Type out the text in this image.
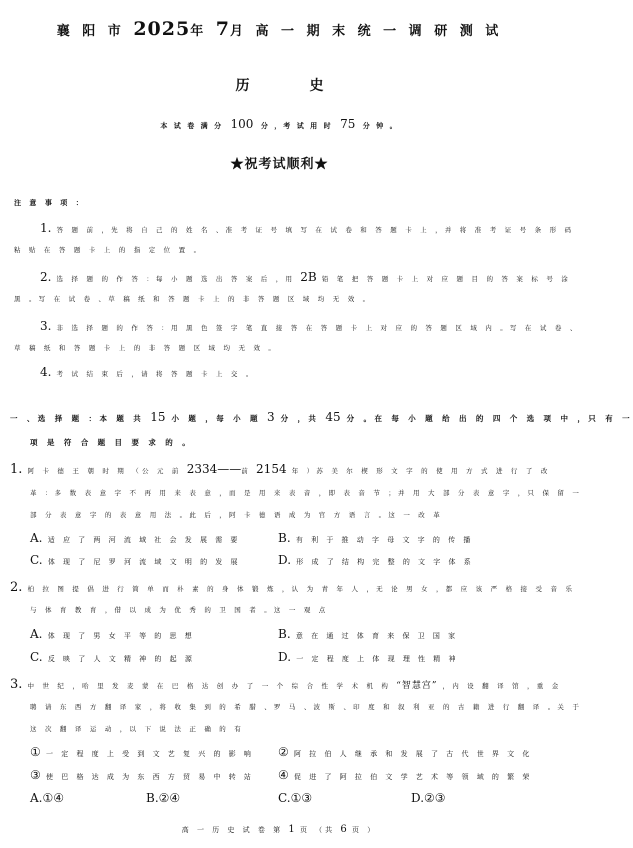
襄 阳 市 2025年 7月 高 一 期 末 统 一 调 研 测 试
历史
本 试 卷 满 分 100 分 ，考 试 用 时 75 分 钟 。
★祝考试顺利★
注 意 事 项 ：
1. 答 题 前 ，先 将 自 己 的 姓 名 、准 考 证 号 填 写 在 试 卷 和 答 题 卡 上 ，并 将 准 考 证 号 条 形 码
粘 贴 在 答 题 卡 上 的 指 定 位 置 。
2. 选 择 题 的 作 答 ：每 小 题 选 出 答 案 后 ，用 2B 铅 笔 把 答 题 卡 上 对 应 题 目 的 答 案 标 号 涂
黑 。写 在 试 卷 、草 稿 纸 和 答 题 卡 上 的 非 答 题 区 域 均 无 效 。
3. 非 选 择 题 的 作 答 ：用 黑 色 签 字 笔 直 接 答 在 答 题 卡 上 对 应 的 答 题 区 域 内 。写 在 试 卷 、
草 稿 纸 和 答 题 卡 上 的 非 答 题 区 域 均 无 效 。
4. 考 试 结 束 后 ，请 将 答 题 卡 上 交 。
一 、选 择 题 ：本 题 共 15 小 题 ，每 小 题 3 分 ，共 45 分 。在 每 小 题 给 出 的 四 个 选 项 中 ，只 有 一
项 是 符 合 题 目 要 求 的 。
1. 阿 卡 德 王 朝 时 期 （公 元 前 2334——前 2154 年 ）苏 美 尔 楔 形 文 字 的 使 用 方 式 进 行 了 改
革 ：多 数 表 意 字 不 再 用 来 表 意 ，而 是 用 来 表 音 ，即 表 音 节 ；并 用 大 部 分 表 意 字 ，只 保 留 一
部 分 表 意 字 的 表 意 用 法 。此 后 ，阿 卡 德 语 成 为 官 方 语 言 。这 一 改 革
A. 适 应 了 两 河 流 域 社 会 发 展 需 要	B. 有 利 于 推 动 字 母 文 字 的 传 播
C. 体 现 了 尼 罗 河 流 域 文 明 的 发 展	D. 形 成 了 结 构 完 整 的 文 字 体 系
2. 柏 拉 图 提 倡 进 行 简 单 而 朴 素 的 身 体 锻 炼 ，认 为 青 年 人 ，无 论 男 女 ，都 应 该 严 格 接 受 音 乐
与 体 育 教 育 ，借 以 成 为 优 秀 的 卫 国 者 。这 一 观 点
A. 体 现 了 男 女 平 等 的 思 想	B. 意 在 通 过 体 育 来 保 卫 国 家
C. 反 映 了 人 文 精 神 的 起 源	D. 一 定 程 度 上 体 现 理 性 精 神
3. 中 世 纪 ，哈 里 发 麦 蒙 在 巴 格 达 创 办 了 一 个 综 合 性 学 术 机 构 “智慧宫” ，内 设 翻 译 馆 ，重 金
聘 请 东 西 方 翻 译 家 ，将 收 集 到 的 希 腊 、罗 马 、波 斯 、印 度 和 叙 利 亚 的 古 籍 进 行 翻 译 。关 于
这 次 翻 译 运 动 ，以 下 说 法 正 确 的 有
① 一 定 程 度 上 受 到 文 艺 复 兴 的 影 响 ② 阿 拉 伯 人 继 承 和 发 展 了 古 代 世 界 文 化
③ 使 巴 格 达 成 为 东 西 方 贸 易 中 转 站 ④ 促 进 了 阿 拉 伯 文 学 艺 术 等 领 域 的 繁 荣
A.①④	B.②④	C.①③	D.②③
高 一 历 史 试 卷 第 1 页 （共 6 页 ）
